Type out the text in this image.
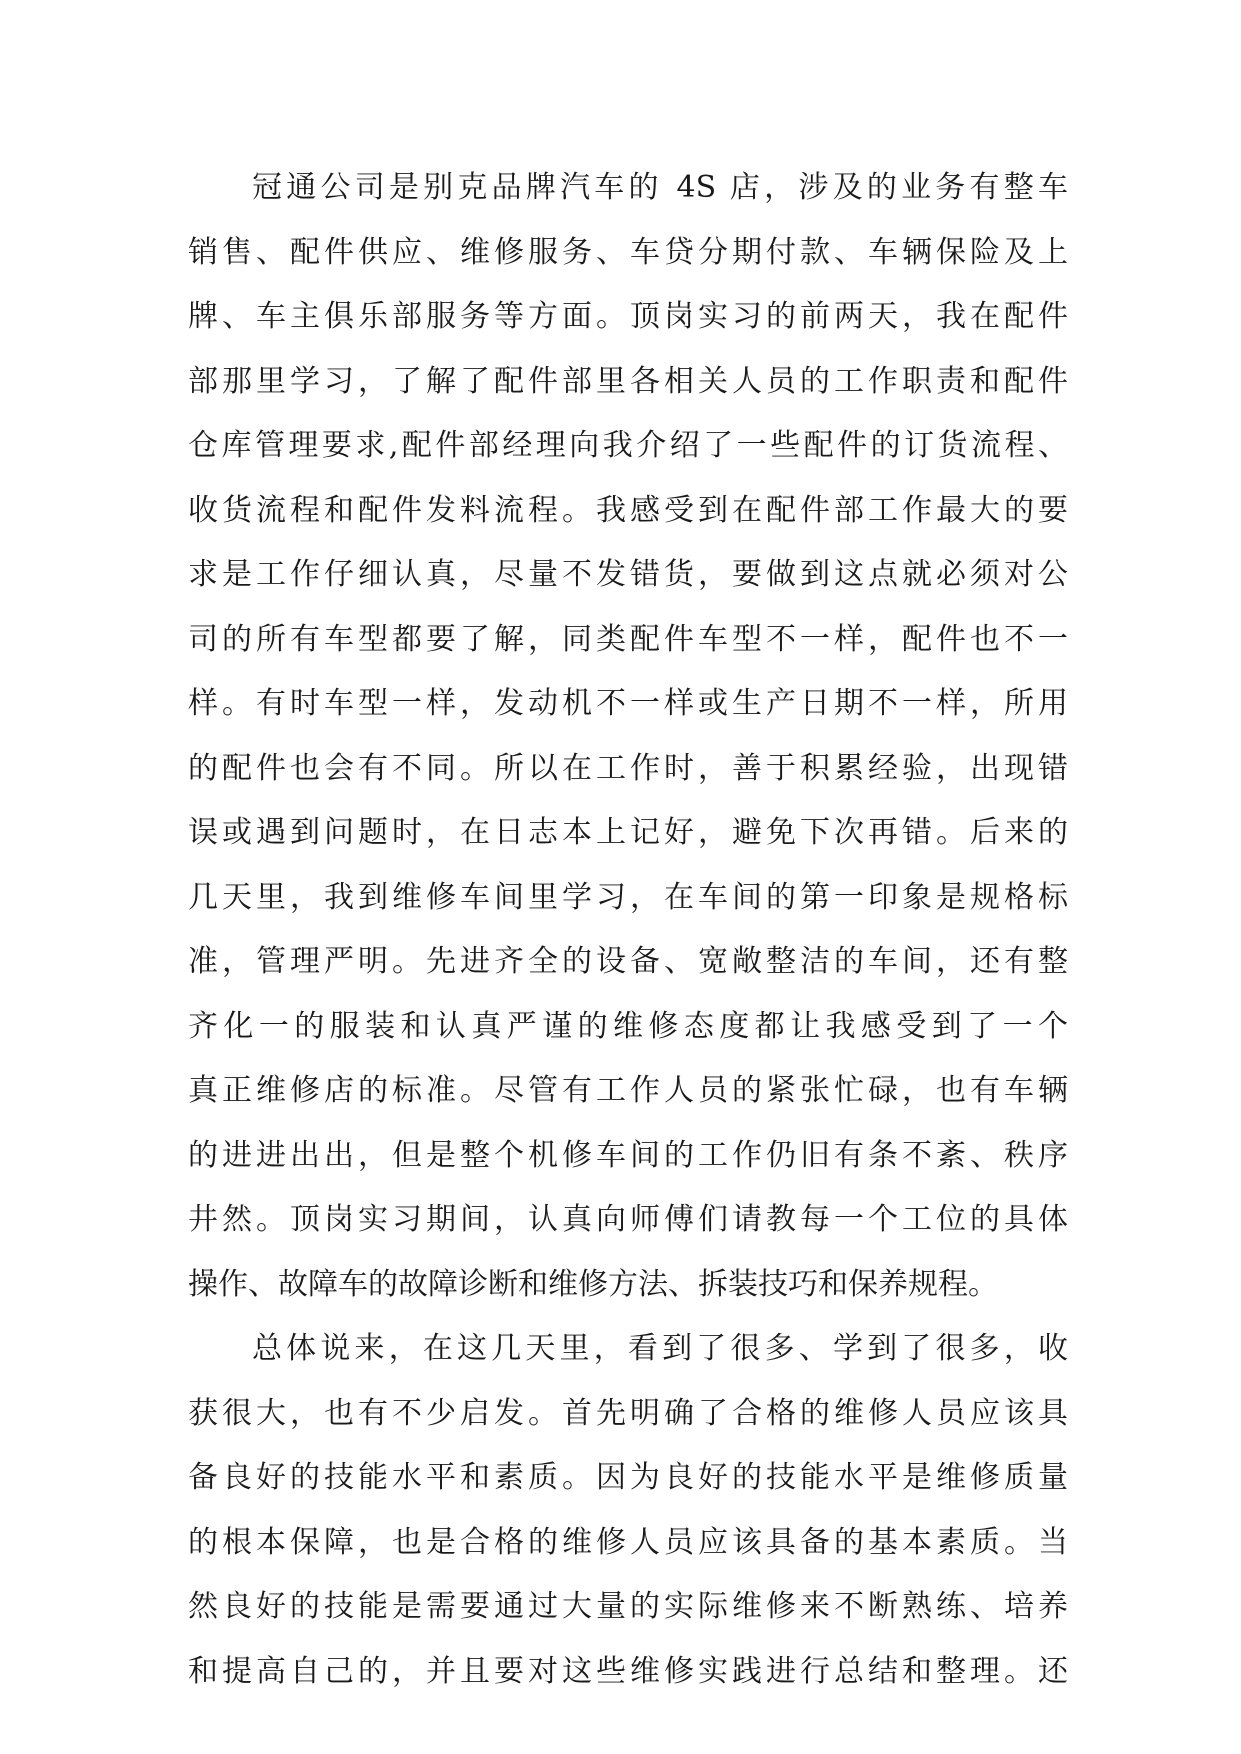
冠通公司是别克品牌汽车的 4S 店，涉及的业务有整车
销售、配件供应、维修服务、车贷分期付款、车辆保险及上
牌、车主俱乐部服务等方面。顶岗实习的前两天，我在配件
部那里学习，了解了配件部里各相关人员的工作职责和配件
仓库管理要求,配件部经理向我介绍了一些配件的订货流程、
收货流程和配件发料流程。我感受到在配件部工作最大的要
求是工作仔细认真，尽量不发错货，要做到这点就必须对公
司的所有车型都要了解，同类配件车型不一样，配件也不一
样。有时车型一样，发动机不一样或生产日期不一样，所用
的配件也会有不同。所以在工作时，善于积累经验，出现错
误或遇到问题时，在日志本上记好，避免下次再错。后来的
几天里，我到维修车间里学习，在车间的第一印象是规格标
准，管理严明。先进齐全的设备、宽敞整洁的车间，还有整
齐化一的服装和认真严谨的维修态度都让我感受到了一个
真正维修店的标准。尽管有工作人员的紧张忙碌，也有车辆
的进进出出，但是整个机修车间的工作仍旧有条不紊、秩序
井然。顶岗实习期间，认真向师傅们请教每一个工位的具体
操作、故障车的故障诊断和维修方法、拆装技巧和保养规程。
总体说来，在这几天里，看到了很多、学到了很多，收
获很大，也有不少启发。首先明确了合格的维修人员应该具
备良好的技能水平和素质。因为良好的技能水平是维修质量
的根本保障，也是合格的维修人员应该具备的基本素质。当
然良好的技能是需要通过大量的实际维修来不断熟练、培养
和提高自己的，并且要对这些维修实践进行总结和整理。还
